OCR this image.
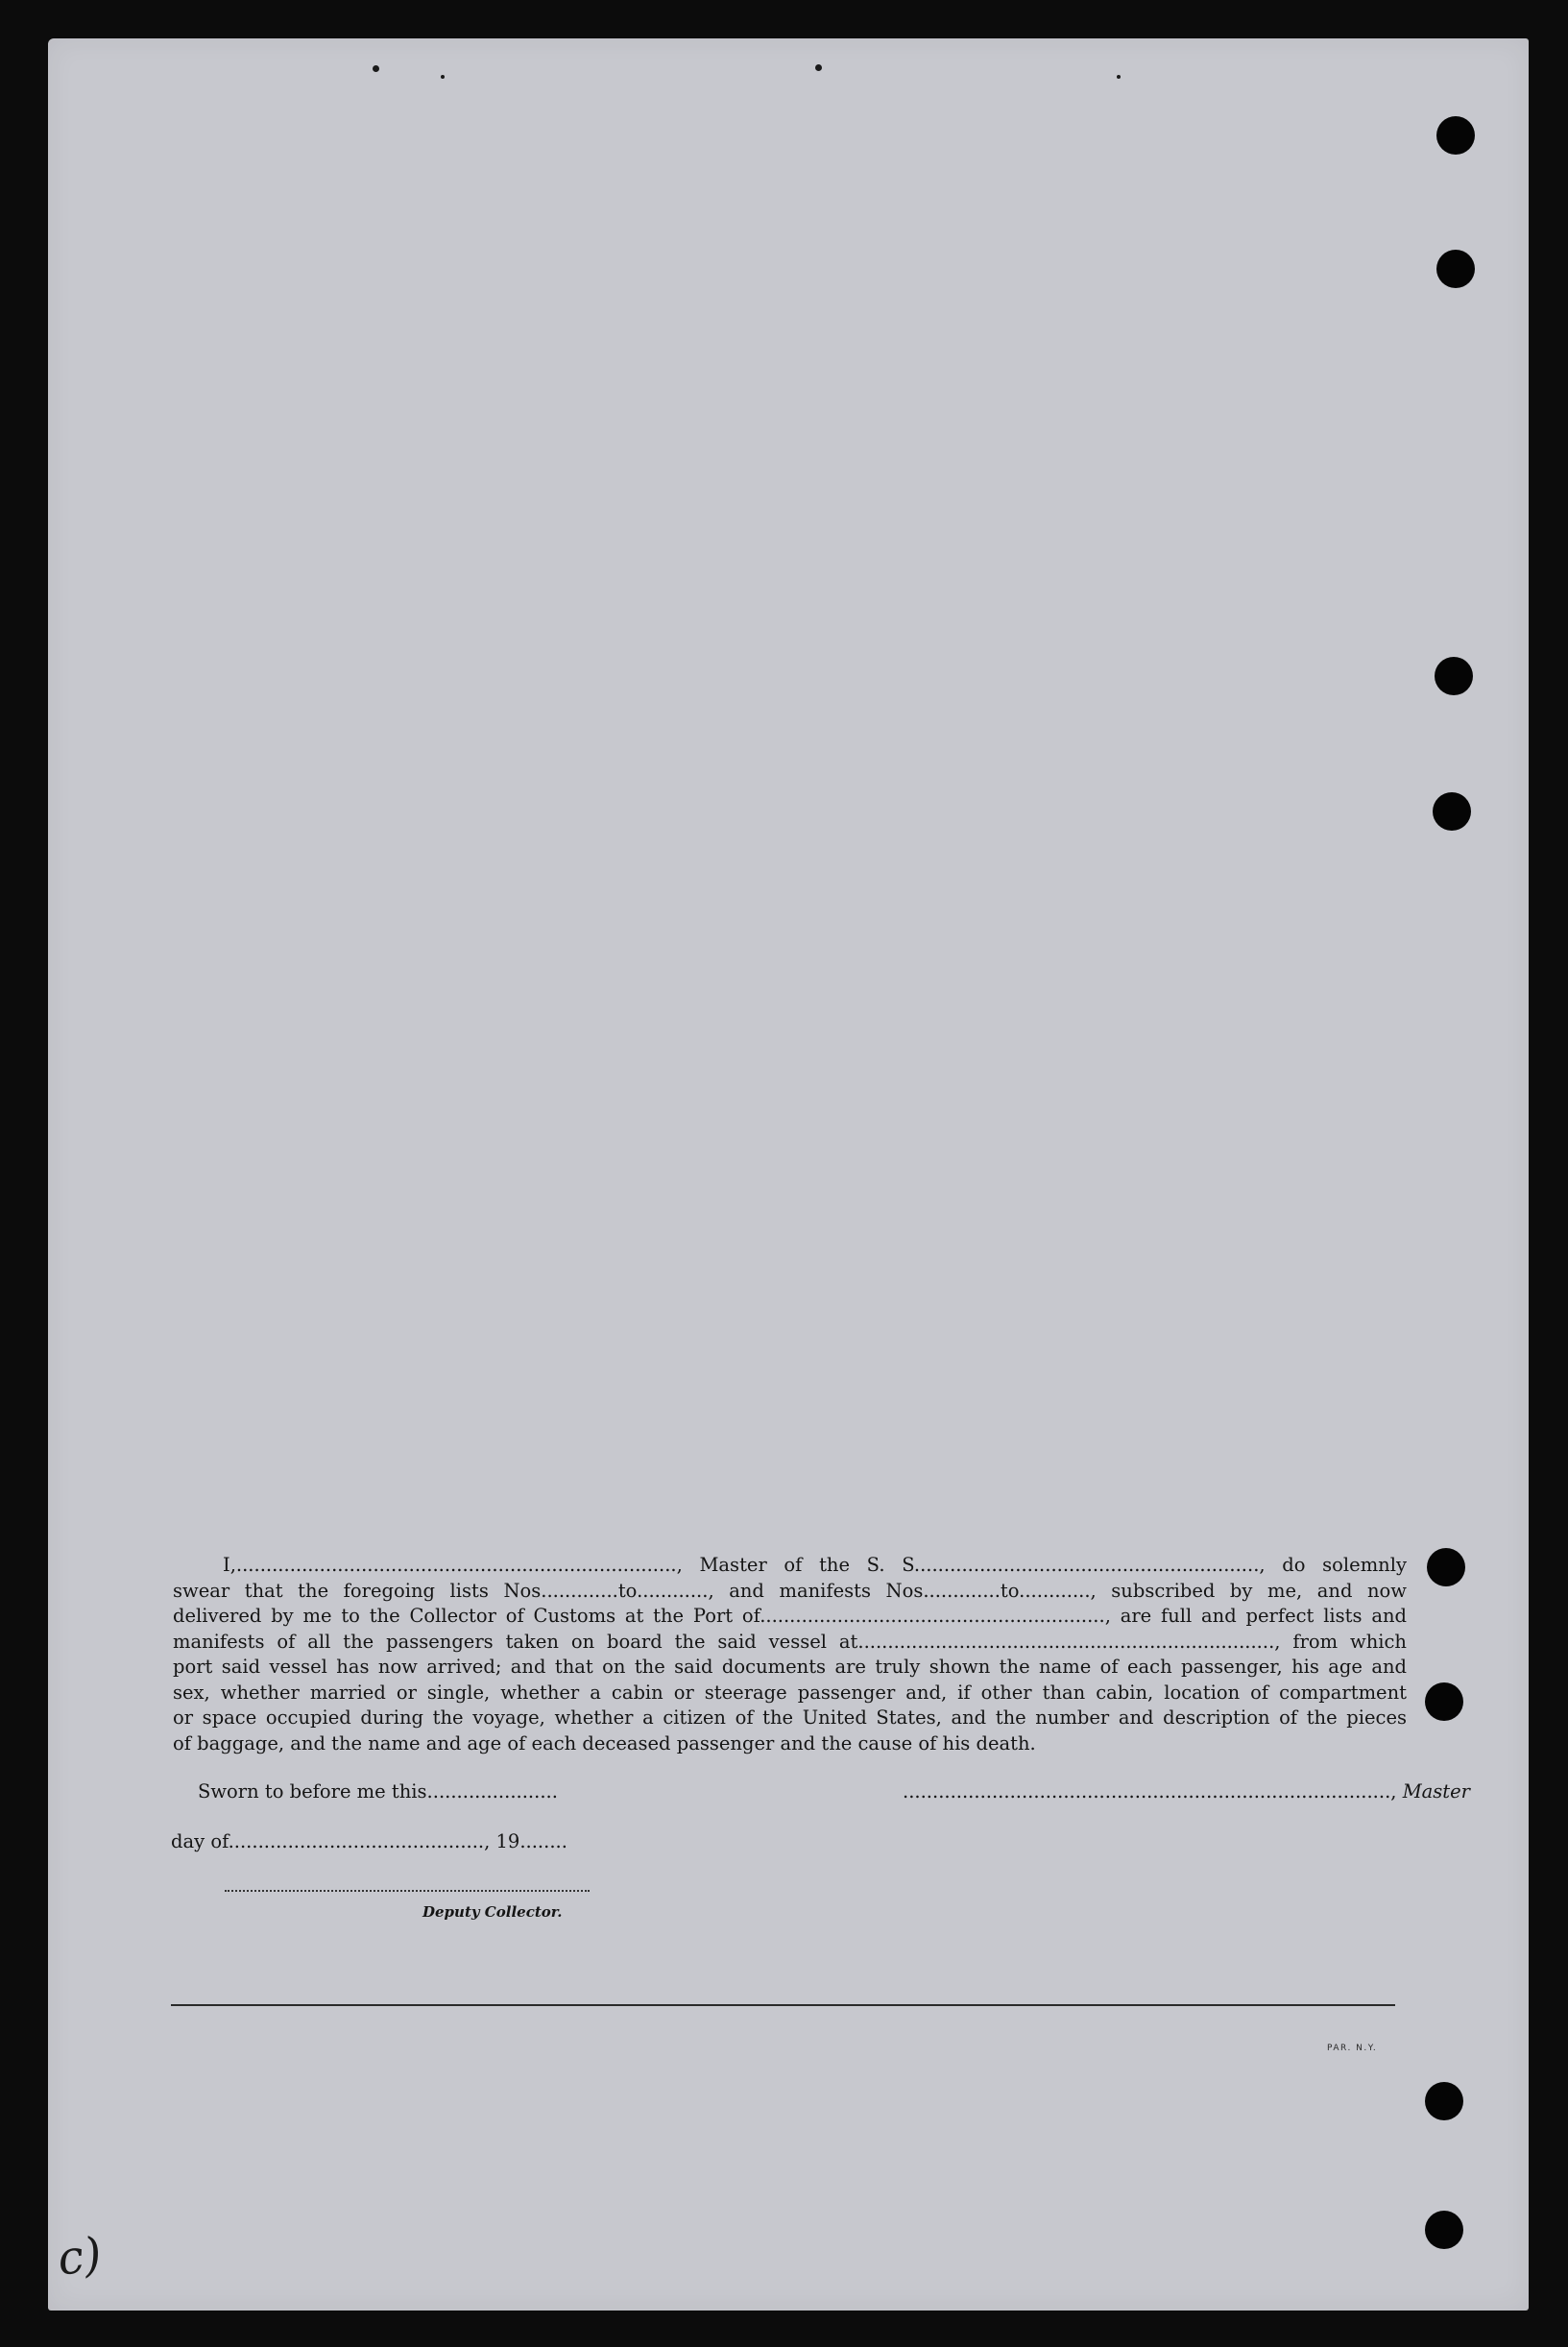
I,.........................................................................., Master of the S. S.........................................................., do solemnly

swear that the foregoing lists Nos.............to............, and manifests Nos.............to............, subscribed by me, and now

delivered by me to the Collector of Customs at the Port of.........................................................., are full and perfect lists and

manifests of all the passengers taken on board the said vessel at......................................................................, from which

port said vessel has now arrived; and that on the said documents are truly shown the name of each passenger, his age and

sex, whether married or single, whether a cabin or steerage passenger and, if other than cabin, location of compartment

or space occupied during the voyage, whether a citizen of the United States, and the number and description of the pieces

of baggage, and the name and age of each deceased passenger and the cause of his death.

Sworn to before me this......................	.................................................................................., Master
day of..........................................., 19........
Deputy Collector.
PAR. N.Y.
c)
